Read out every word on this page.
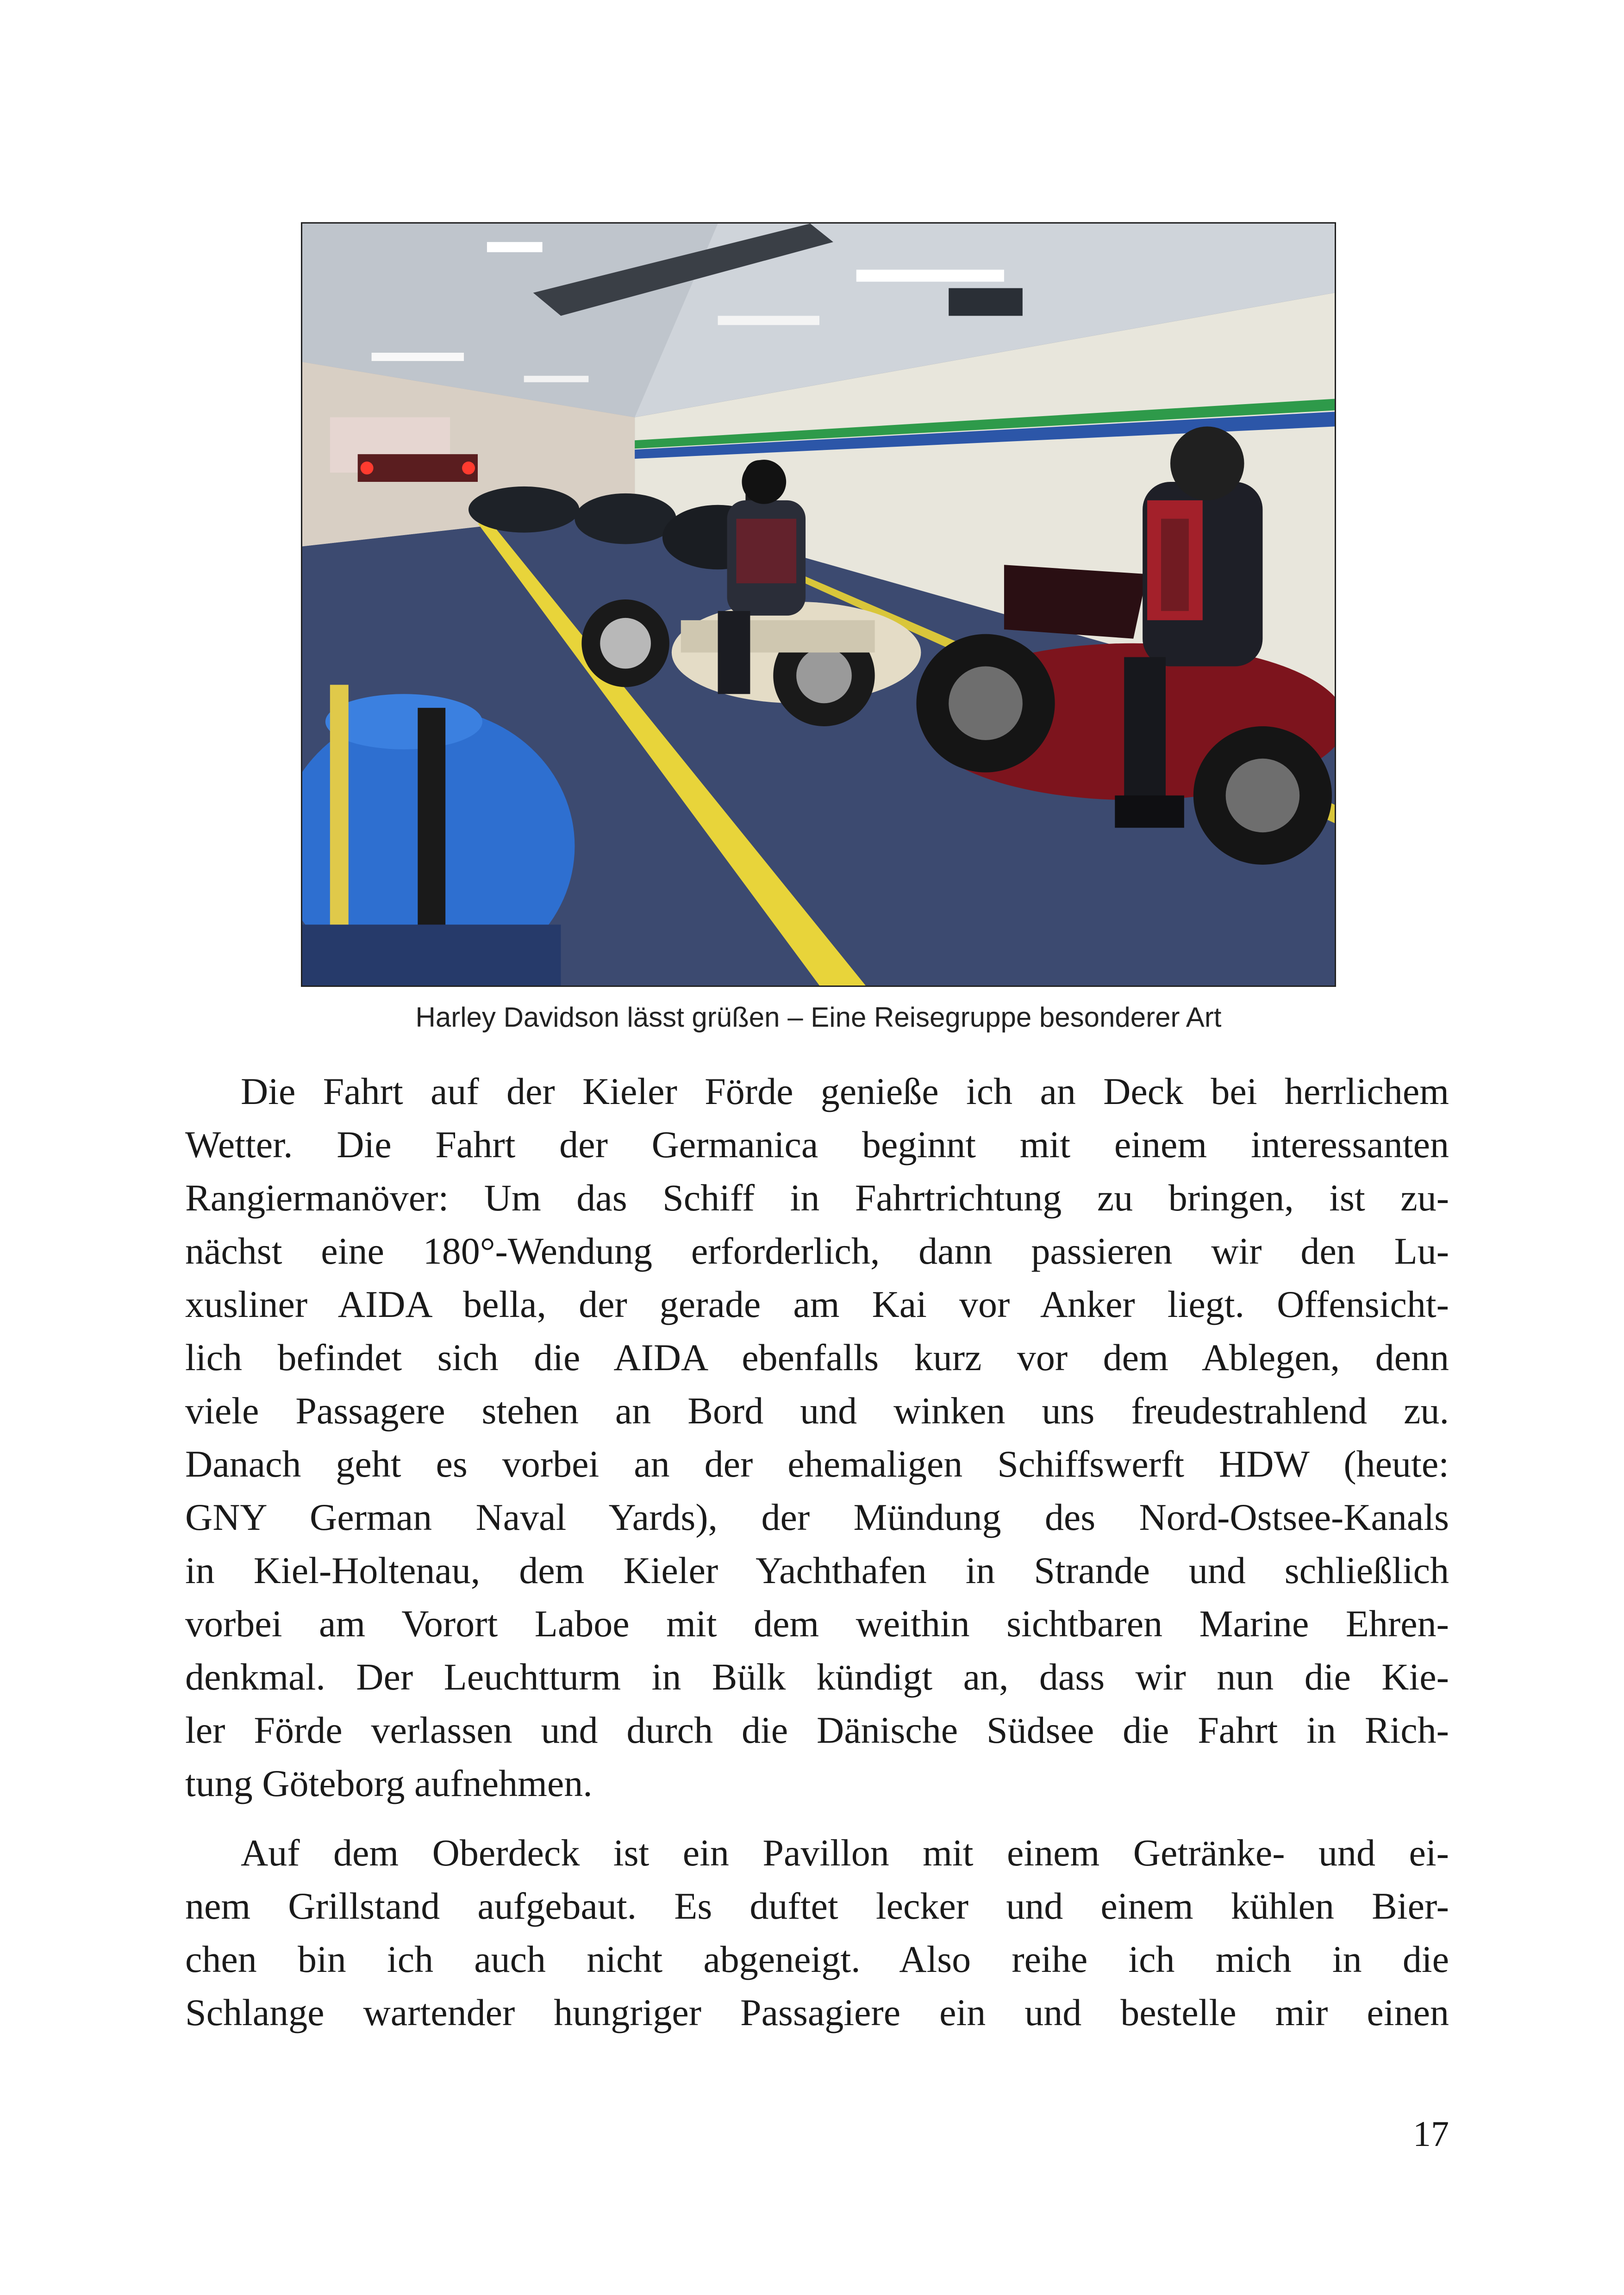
Harley Davidson lässt grüßen – Eine Reisegruppe besonderer Art
Die Fahrt auf der Kieler Förde genieße ich an Deck bei herrlichem
Wetter. Die Fahrt der Germanica beginnt mit einem interessanten
Rangiermanöver: Um das Schiff in Fahrtrichtung zu bringen, ist zu-
nächst eine 180°-Wendung erforderlich, dann passieren wir den Lu-
xusliner AIDA bella, der gerade am Kai vor Anker liegt. Offensicht-
lich befindet sich die AIDA ebenfalls kurz vor dem Ablegen, denn
viele Passagere stehen an Bord und winken uns freudestrahlend zu.
Danach geht es vorbei an der ehemaligen Schiffswerft HDW (heute:
GNY German Naval Yards), der Mündung des Nord-Ostsee-Kanals
in Kiel-Holtenau, dem Kieler Yachthafen in Strande und schließlich
vorbei am Vorort Laboe mit dem weithin sichtbaren Marine Ehren-
denkmal. Der Leuchtturm in Bülk kündigt an, dass wir nun die Kie-
ler Förde verlassen und durch die Dänische Südsee die Fahrt in Rich-
tung Göteborg aufnehmen.
Auf dem Oberdeck ist ein Pavillon mit einem Getränke- und ei-
nem Grillstand aufgebaut. Es duftet lecker und einem kühlen Bier-
chen bin ich auch nicht abgeneigt. Also reihe ich mich in die
Schlange wartender hungriger Passagiere ein und bestelle mir einen
17
